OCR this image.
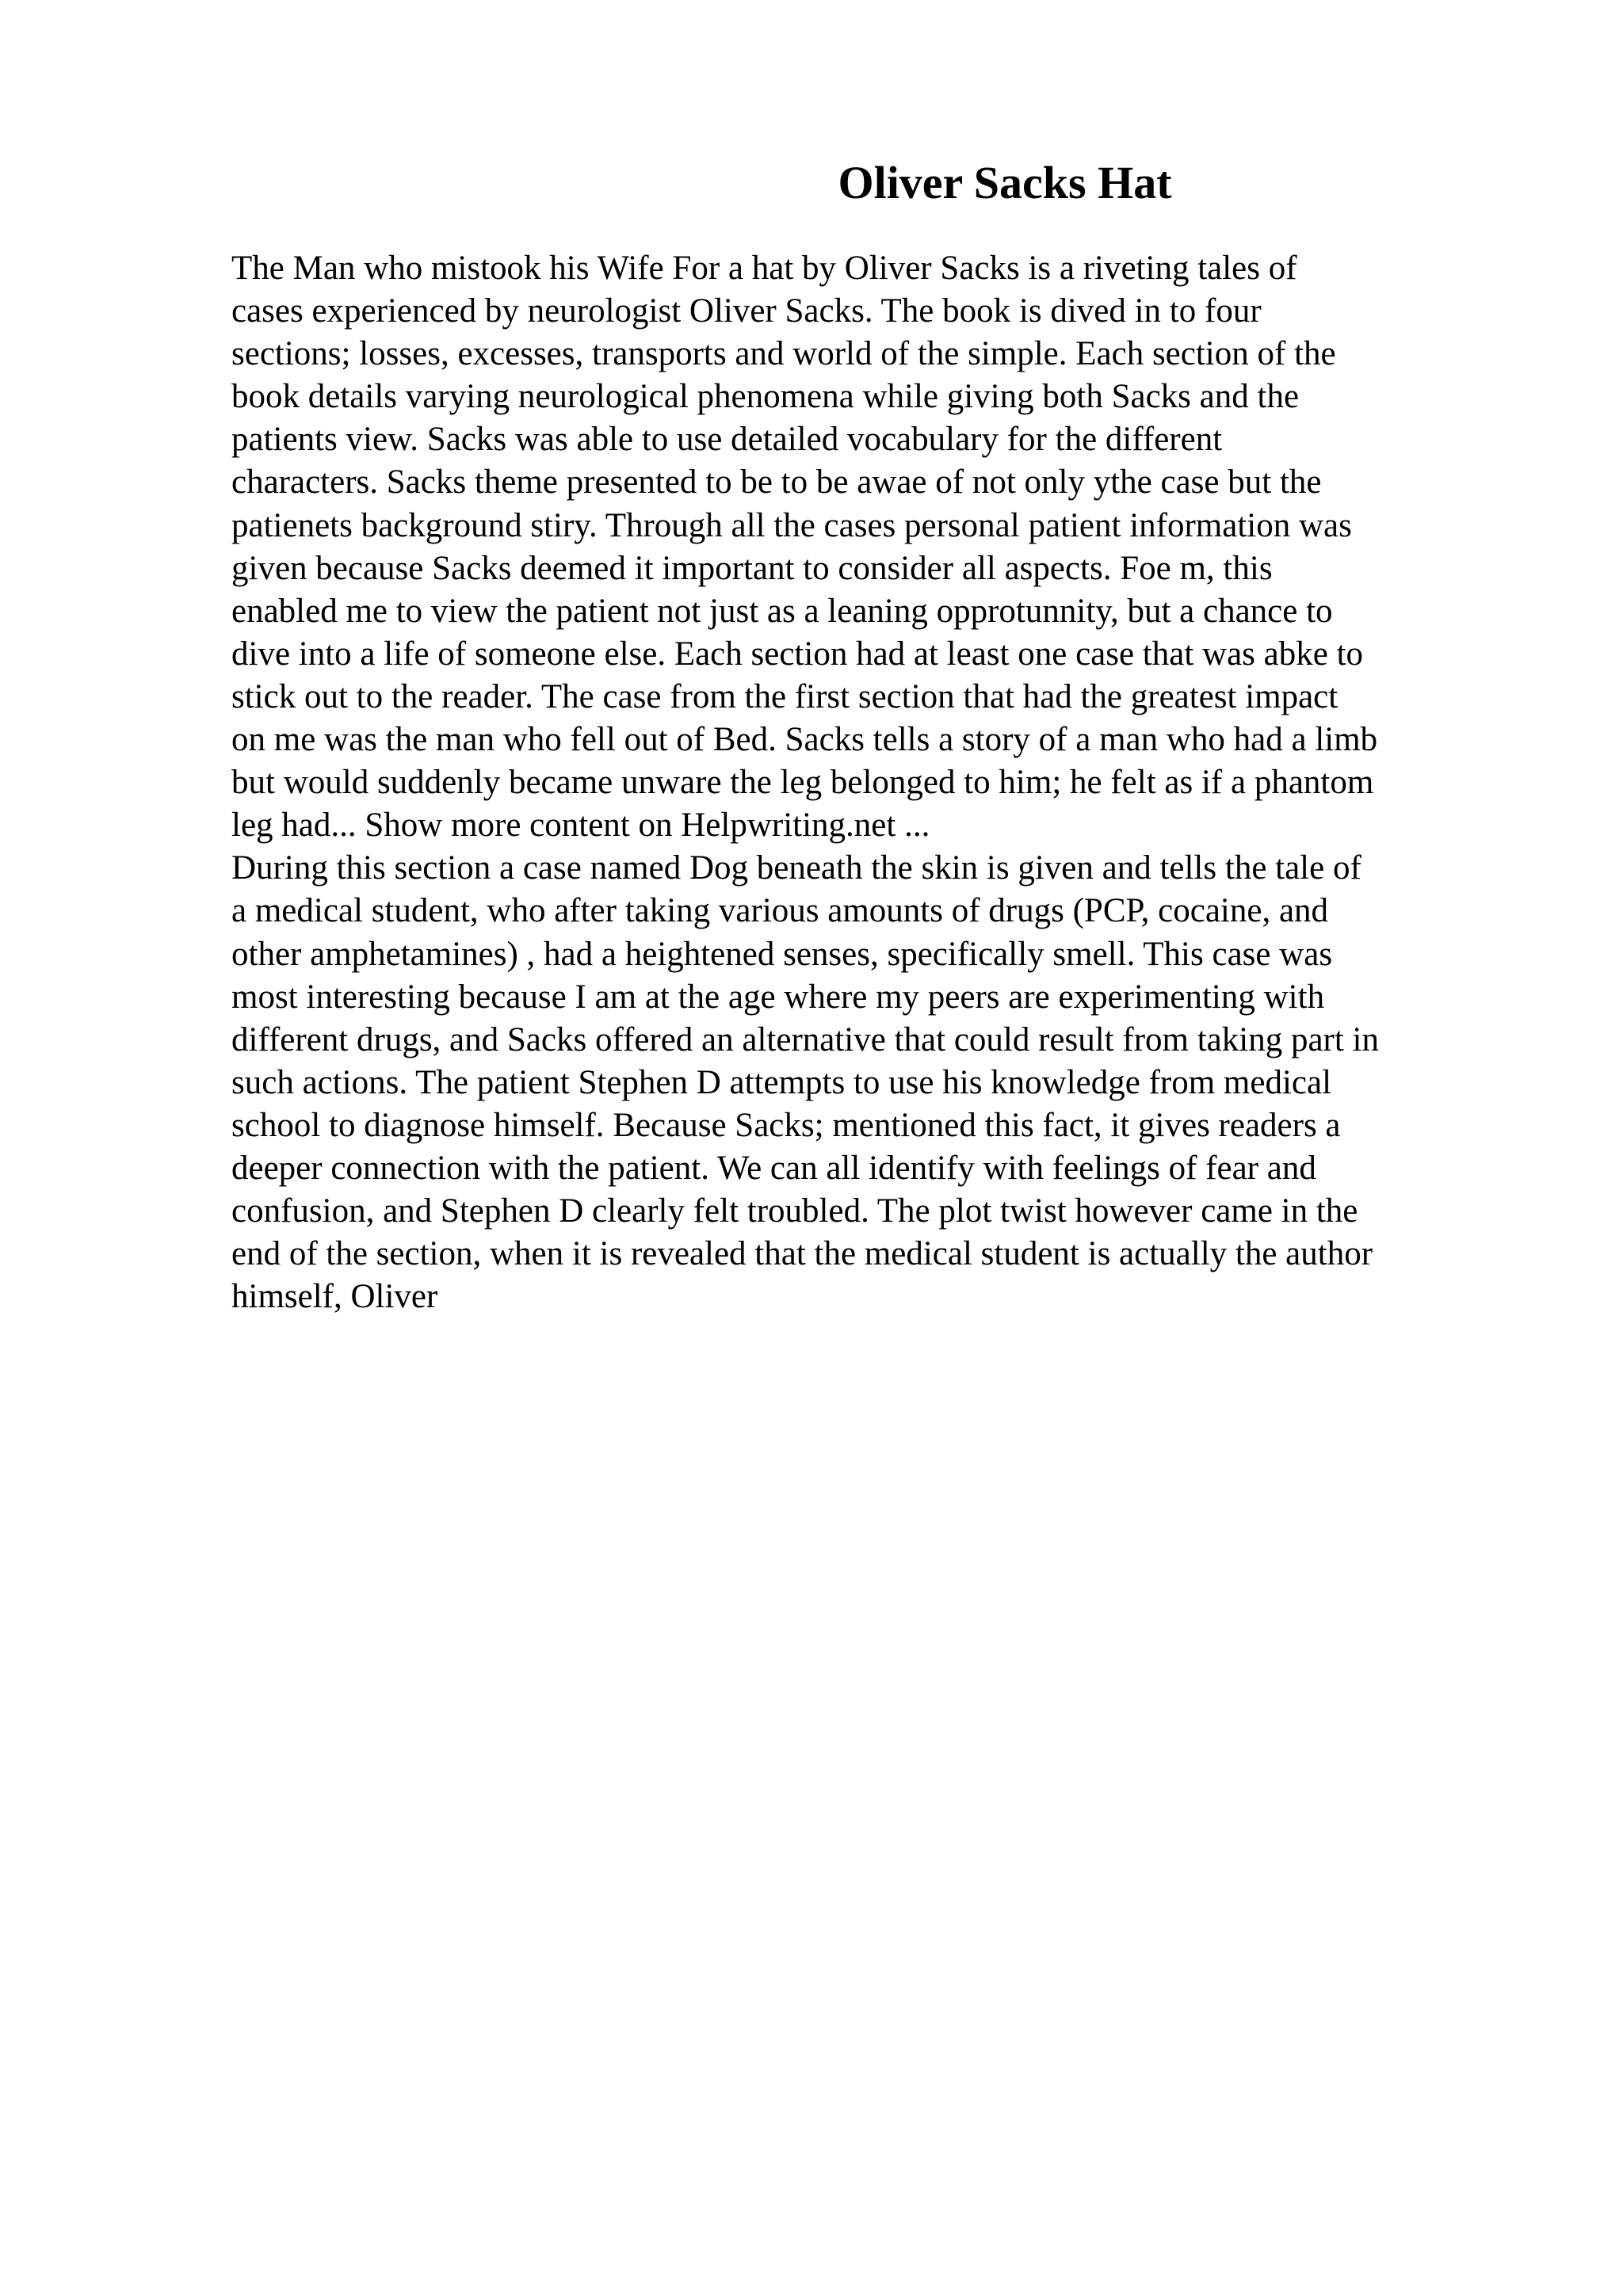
Oliver Sacks Hat
The Man who mistook his Wife For a hat by Oliver Sacks is a riveting tales of
cases experienced by neurologist Oliver Sacks. The book is dived in to four
sections; losses, excesses, transports and world of the simple. Each section of the
book details varying neurological phenomena while giving both Sacks and the
patients view. Sacks was able to use detailed vocabulary for the different
characters. Sacks theme presented to be to be awae of not only ythe case but the
patienets background stiry. Through all the cases personal patient information was
given because Sacks deemed it important to consider all aspects. Foe m, this
enabled me to view the patient not just as a leaning opprotunnity, but a chance to
dive into a life of someone else. Each section had at least one case that was abke to
stick out to the reader. The case from the first section that had the greatest impact
on me was the man who fell out of Bed. Sacks tells a story of a man who had a limb
but would suddenly became unware the leg belonged to him; he felt as if a phantom
leg had... Show more content on Helpwriting.net ...
During this section a case named Dog beneath the skin is given and tells the tale of
a medical student, who after taking various amounts of drugs (PCP, cocaine, and
other amphetamines) , had a heightened senses, specifically smell. This case was
most interesting because I am at the age where my peers are experimenting with
different drugs, and Sacks offered an alternative that could result from taking part in
such actions. The patient Stephen D attempts to use his knowledge from medical
school to diagnose himself. Because Sacks; mentioned this fact, it gives readers a
deeper connection with the patient. We can all identify with feelings of fear and
confusion, and Stephen D clearly felt troubled. The plot twist however came in the
end of the section, when it is revealed that the medical student is actually the author
himself, Oliver
